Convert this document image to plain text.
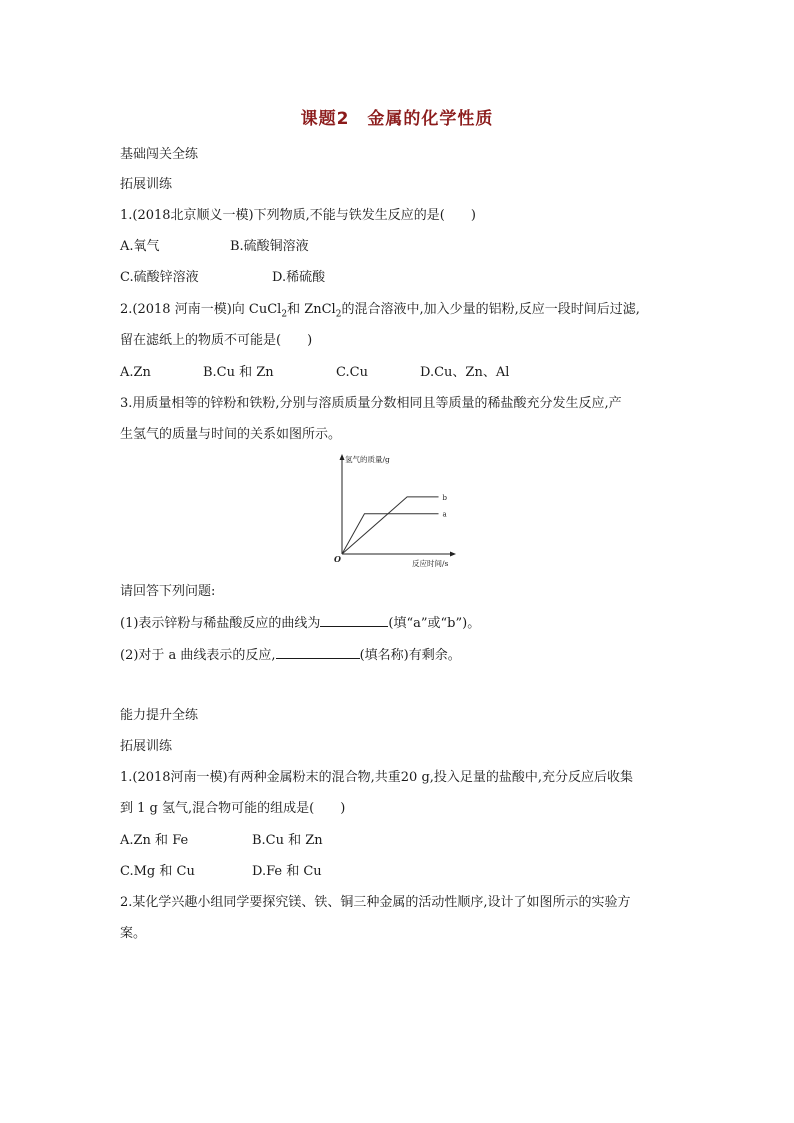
课题2　金属的化学性质
基础闯关全练
拓展训练
1.(2018北京顺义一模)下列物质,不能与铁发生反应的是(　　)
A.氧气	B.硫酸铜溶液
C.硫酸锌溶液	D.稀硫酸
2.(2018 河南一模)向 CuCl$_2$和 ZnCl$_2$的混合溶液中,加入少量的铝粉,反应一段时间后过滤,
留在滤纸上的物质不可能是(　　)
A.Zn	B.Cu 和 Zn	C.Cu	D.Cu、Zn、Al
3.用质量相等的锌粉和铁粉,分别与溶质质量分数相同且等质量的稀盐酸充分发生反应,产
生氢气的质量与时间的关系如图所示。
a
b
氢气的质量/g
反应时间/s
O
请回答下列问题:
(1)表示锌粉与稀盐酸反应的曲线为	(填“a”或“b”)。
(2)对于 a 曲线表示的反应,	(填名称)有剩余。
能力提升全练
拓展训练
1.(2018河南一模)有两种金属粉末的混合物,共重20 g,投入足量的盐酸中,充分反应后收集
到 1 g 氢气,混合物可能的组成是(　　)
A.Zn 和 Fe	B.Cu 和 Zn
C.Mg 和 Cu	D.Fe 和 Cu
2.某化学兴趣小组同学要探究镁、铁、铜三种金属的活动性顺序,设计了如图所示的实验方
案。
